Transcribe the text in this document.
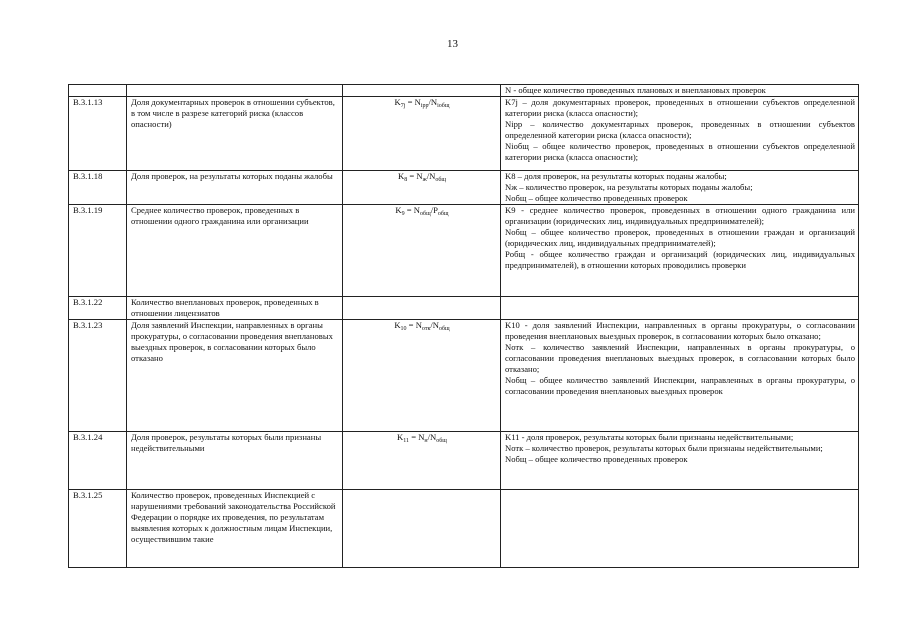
13

			N - общее количество проведенных плановых и внеплановых проверок

В.3.1.13	Доля документарных проверок в отношении субъектов, в том числе в разрезе категорий риска (классов опасности)	$K_{7j} = N_{ipр}/N_{iобщ}$	K7j – доля документарных проверок, проведенных в отношении субъектов определенной категории риска (класса опасности);
Nipр – количество документарных проверок, проведенных в отношении субъектов определенной категории риска (класса опасности);
Niобщ – общее количество проверок, проведенных в отношении субъектов определенной категории риска (класса опасности);

В.3.1.18	Доля проверок, на результаты которых поданы жалобы	$K_8 = N_ж/N_{общ}$	K8 – доля проверок, на результаты которых поданы жалобы;
Nж – количество проверок, на результаты которых поданы жалобы;
Nобщ – общее количество проведенных проверок

В.3.1.19	Среднее количество проверок, проведенных в отношении одного гражданина или организации	$K_9 = N_{общ}/P_{общ}$	K9 - среднее количество проверок, проведенных в отношении одного гражданина или организации (юридических лиц, индивидуальных предпринимателей);
Nобщ – общее количество проверок, проведенных в отношении граждан и организаций (юридических лиц, индивидуальных предпринимателей);
Pобщ - общее количество граждан и организаций (юридических лиц, индивидуальных предпринимателей), в отношении которых проводились проверки

В.3.1.22	Количество внеплановых проверок, проведенных в отношении лицензиатов		
В.3.1.23	Доля заявлений Инспекции, направленных в органы прокуратуры, о согласовании проведения внеплановых выездных проверок, в согласовании которых было отказано	$K_{10} = N_{отк}/N_{общ}$	K10 - доля заявлений Инспекции, направленных в органы прокуратуры, о согласовании проведения внеплановых выездных проверок, в согласовании которых было отказано;
Nотк – количество заявлений Инспекции, направленных в органы прокуратуры, о согласовании проведения внеплановых выездных проверок, в согласовании которых было отказано;
Nобщ – общее количество заявлений Инспекции, направленных в органы прокуратуры, о согласовании проведения внеплановых выездных проверок

В.3.1.24	Доля проверок, результаты которых были признаны недействительными	$K_{11} = N_н/N_{общ}$	K11 - доля проверок, результаты которых были признаны недействительными;
Nотк – количество проверок, результаты которых были признаны недействительными;
Nобщ – общее количество проведенных проверок

В.3.1.25	Количество проверок, проведенных Инспекцией с нарушениями требований законодательства Российской Федерации о порядке их проведения, по результатам выявления которых к должностным лицам Инспекции, осуществившим такие		
